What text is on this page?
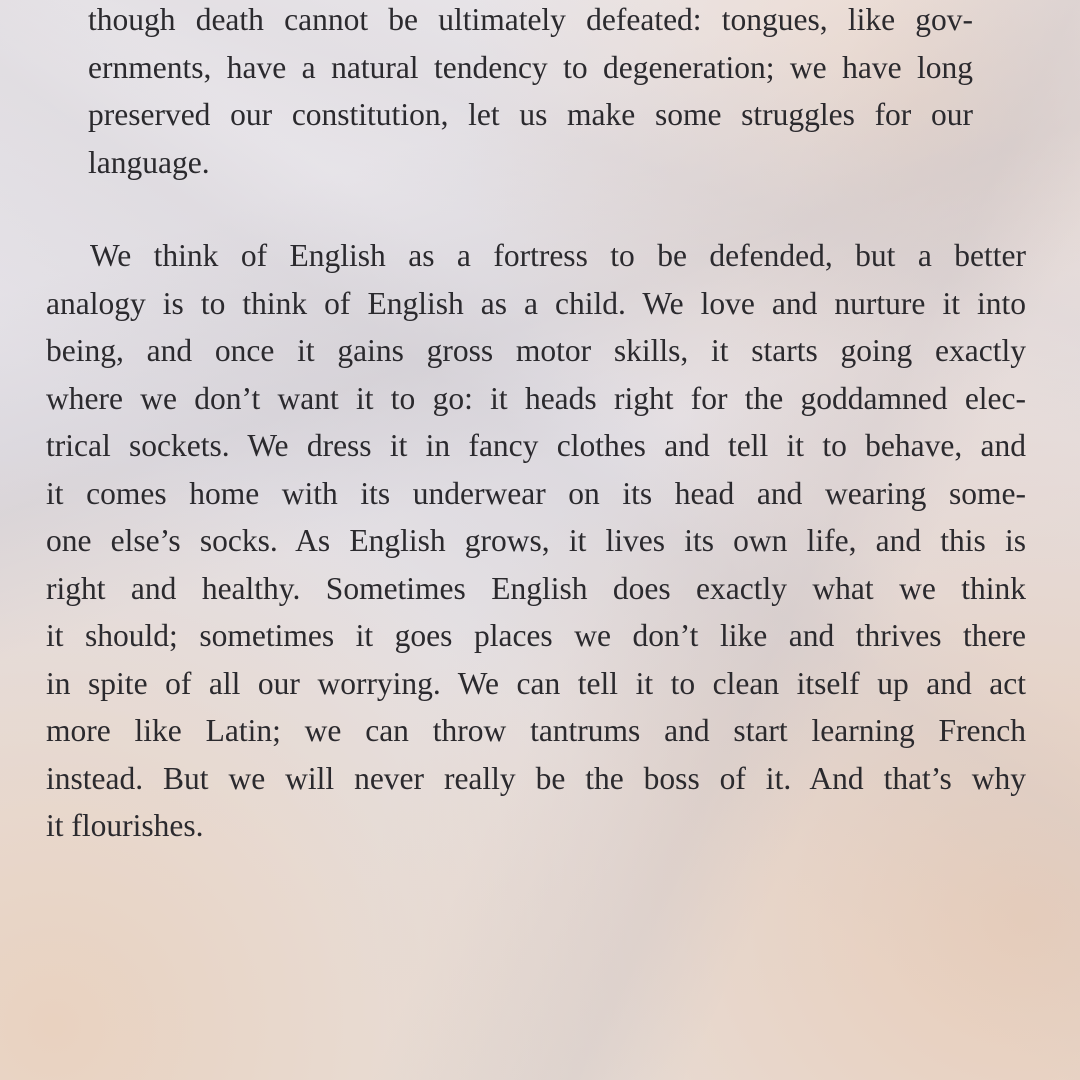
though death cannot be ultimately defeated: tongues, like gov-
ernments, have a natural tendency to degeneration; we have long
preserved our constitution, let us make some struggles for our
language.

We think of English as a fortress to be defended, but a better
analogy is to think of English as a child. We love and nurture it into
being, and once it gains gross motor skills, it starts going exactly
where we don’t want it to go: it heads right for the goddamned elec-
trical sockets. We dress it in fancy clothes and tell it to behave, and
it comes home with its underwear on its head and wearing some-
one else’s socks. As English grows, it lives its own life, and this is
right and healthy. Sometimes English does exactly what we think
it should; sometimes it goes places we don’t like and thrives there
in spite of all our worrying. We can tell it to clean itself up and act
more like Latin; we can throw tantrums and start learning French
instead. But we will never really be the boss of it. And that’s why
it flourishes.
